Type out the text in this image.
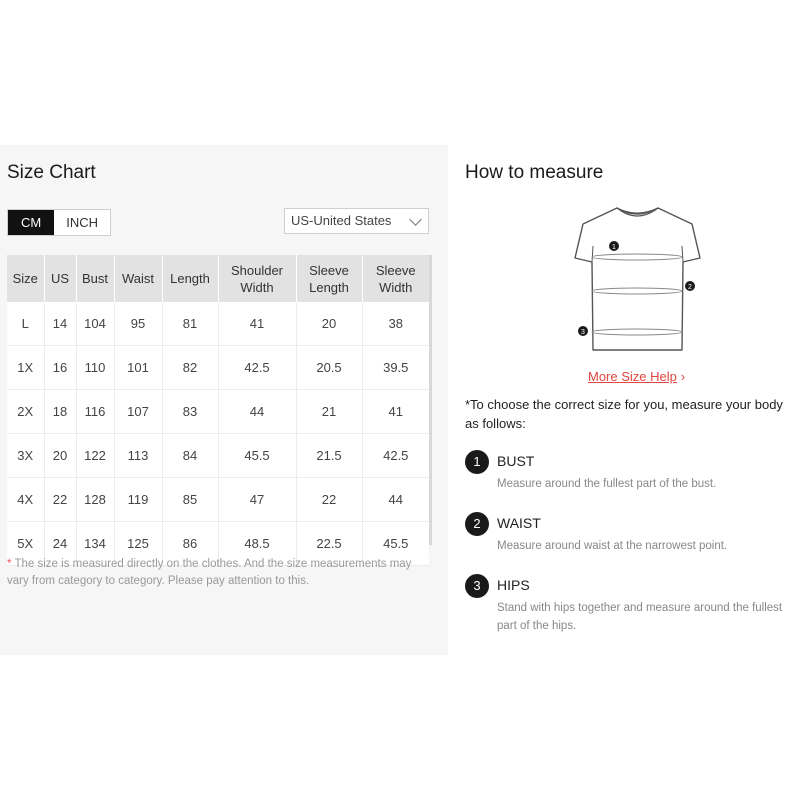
Size Chart
CM	INCH	US-United States
Size	US	Bust	Waist	Length	Shoulder Width	Sleeve Length	Sleeve Width
L	14	104	95	81	41	20	38
1X	16	110	101	82	42.5	20.5	39.5
2X	18	116	107	83	44	21	41
3X	20	122	113	84	45.5	21.5	42.5
4X	22	128	119	85	47	22	44
5X	24	134	125	86	48.5	22.5	45.5
* The size is measured directly on the clothes. And the size measurements may vary from category to category. Please pay attention to this.
How to measure
1
2
3
More Size Help ›
*To choose the correct size for you, measure your body as follows:
1	BUST
Measure around the fullest part of the bust.
2	WAIST
Measure around waist at the narrowest point.
3	HIPS
Stand with hips together and measure around the fullest part of the hips.
